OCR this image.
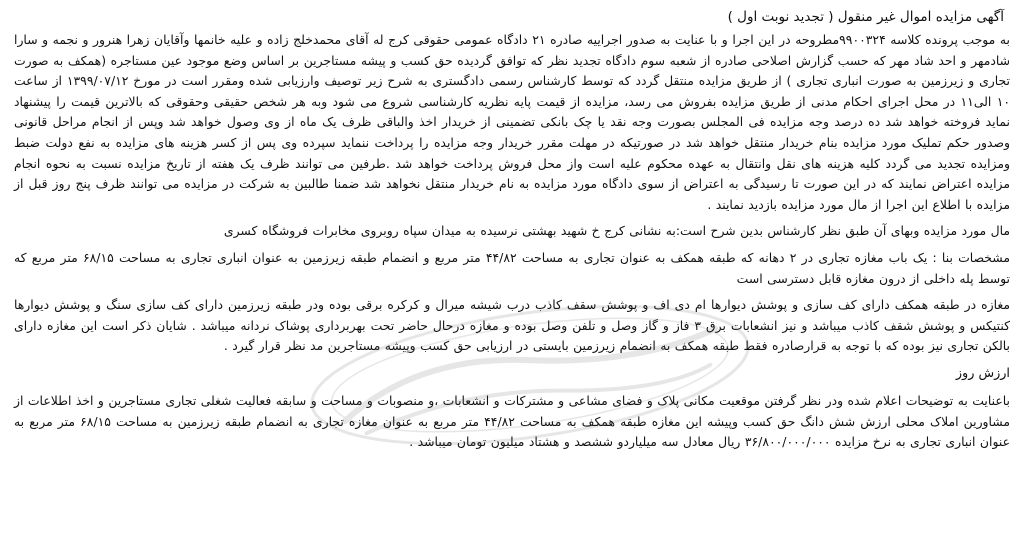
آگهی مزایده اموال غیر منقول ( تجدید نوبت اول )

به موجب پرونده کلاسه ۹۹۰۰۳۲۴مطروحه در این اجرا و با عنایت به صدور اجراییه صادره ۲۱ دادگاه عمومی حقوقی کرج له آقای محمدخلج زاده و علیه خانمها وآقایان زهرا هنرور و نجمه و سارا شادمهر و احد شاد مهر که حسب گزارش اصلاحی صادره از شعبه سوم دادگاه تجدید نظر که توافق گردیده حق کسب و پیشه مستاجرین بر اساس وضع موجود عین مستاجره (همکف به صورت تجاری و زیرزمین به صورت انباری تجاری ) از طریق مزایده منتقل گردد که توسط کارشناس رسمی دادگستری به شرح زیر توصیف وارزیابی شده ومقرر است در مورخ ۱۳۹۹/۰۷/۱۲ از ساعت ۱۰ الی۱۱ در محل اجرای احکام مدنی از طریق مزایده بفروش می رسد، مزایده از قیمت پایه نظریه کارشناسی شروع می شود وبه هر شخص حقیقی وحقوقی که بالاترین قیمت را پیشنهاد نماید فروخته خواهد شد ده درصد وجه مزایده فی المجلس بصورت وجه نقد یا چک بانکی تضمینی از خریدار اخذ والباقی ظرف یک ماه از وی وصول خواهد شد وپس از انجام مراحل قانونی وصدور حکم تملیک مورد مزایده بنام خریدار منتقل خواهد شد در صورتیکه در مهلت مقرر خریدار وجه مزایده را پرداخت ننماید سپرده وی پس از کسر هزینه های مزایده به نفع دولت ضبط ومزایده تجدید می گردد کلیه هزینه های نقل وانتقال به عهده محکوم علیه است واز محل فروش پرداخت خواهد شد .طرفین می توانند ظرف یک هفته از تاریخ مزایده نسبت به نحوه انجام مزایده اعتراض نمایند که در این صورت تا رسیدگی به اعتراض از سوی دادگاه مورد مزایده به نام خریدار منتقل نخواهد شد ضمنا طالبین به شرکت در مزایده می توانند ظرف پنج روز قبل از مزایده با اطلاع این اجرا از مال مورد مزایده بازدید نمایند .

مال مورد مزایده وبهای آن طبق نظر کارشناس بدین شرح است:به نشانی کرج خ شهید بهشتی نرسیده به میدان سپاه روبروی مخابرات فروشگاه کسری

مشخصات بنا : یک باب مغازه تجاری در ۲ دهانه که طبقه همکف به عنوان تجاری به مساحت ۴۴/۸۲ متر مربع و انضمام طبقه زیرزمین به عنوان انباری تجاری به مساحت ۶۸/۱۵ متر مربع که توسط پله داخلی از درون مغازه قابل دسترسی است

مغازه در طبقه همکف دارای کف سازی و پوشش دیوارها ام دی اف و پوشش سقف کاذب درب شیشه میرال و کرکره برقی بوده ودر طبقه زیرزمین دارای کف سازی سنگ و پوشش دیوارها کنتیکس و پوشش شقف کاذب میباشد و نیز انشعابات برق ۳ فاز و گاز وصل و تلفن وصل بوده و مغازه درحال حاضر تحت بهربرداری پوشاک نردانه میباشد . شایان ذکر است این مغازه دارای بالکن تجاری نیز بوده که با توجه به قرارصادره فقط طبقه همکف به انضمام زیرزمین بایستی در ارزیابی حق کسب وپیشه مستاجرین مد نظر قرار گیرد .

ارزش روز

باعنایت به توضیحات اعلام شده ودر نظر گرفتن موقعیت مکانی پلاک و فضای مشاعی و مشترکات و انشعابات ،و منصوبات و مساحت و سابقه فعالیت شغلی تجاری مستاجرین و اخذ اطلاعات از مشاورین املاک محلی ارزش شش دانگ حق کسب وپیشه این مغازه طبقه همکف به مساحت ۴۴/۸۲ متر مربع به عنوان مغازه تجاری به انضمام طبقه زیرزمین به مساحت ۶۸/۱۵ متر مربع به عنوان انباری تجاری به نرخ مزایده ۳۶/۸۰۰/۰۰۰/۰۰۰ ریال معادل سه میلیاردو ششصد و هشتاد میلیون تومان میباشد .
